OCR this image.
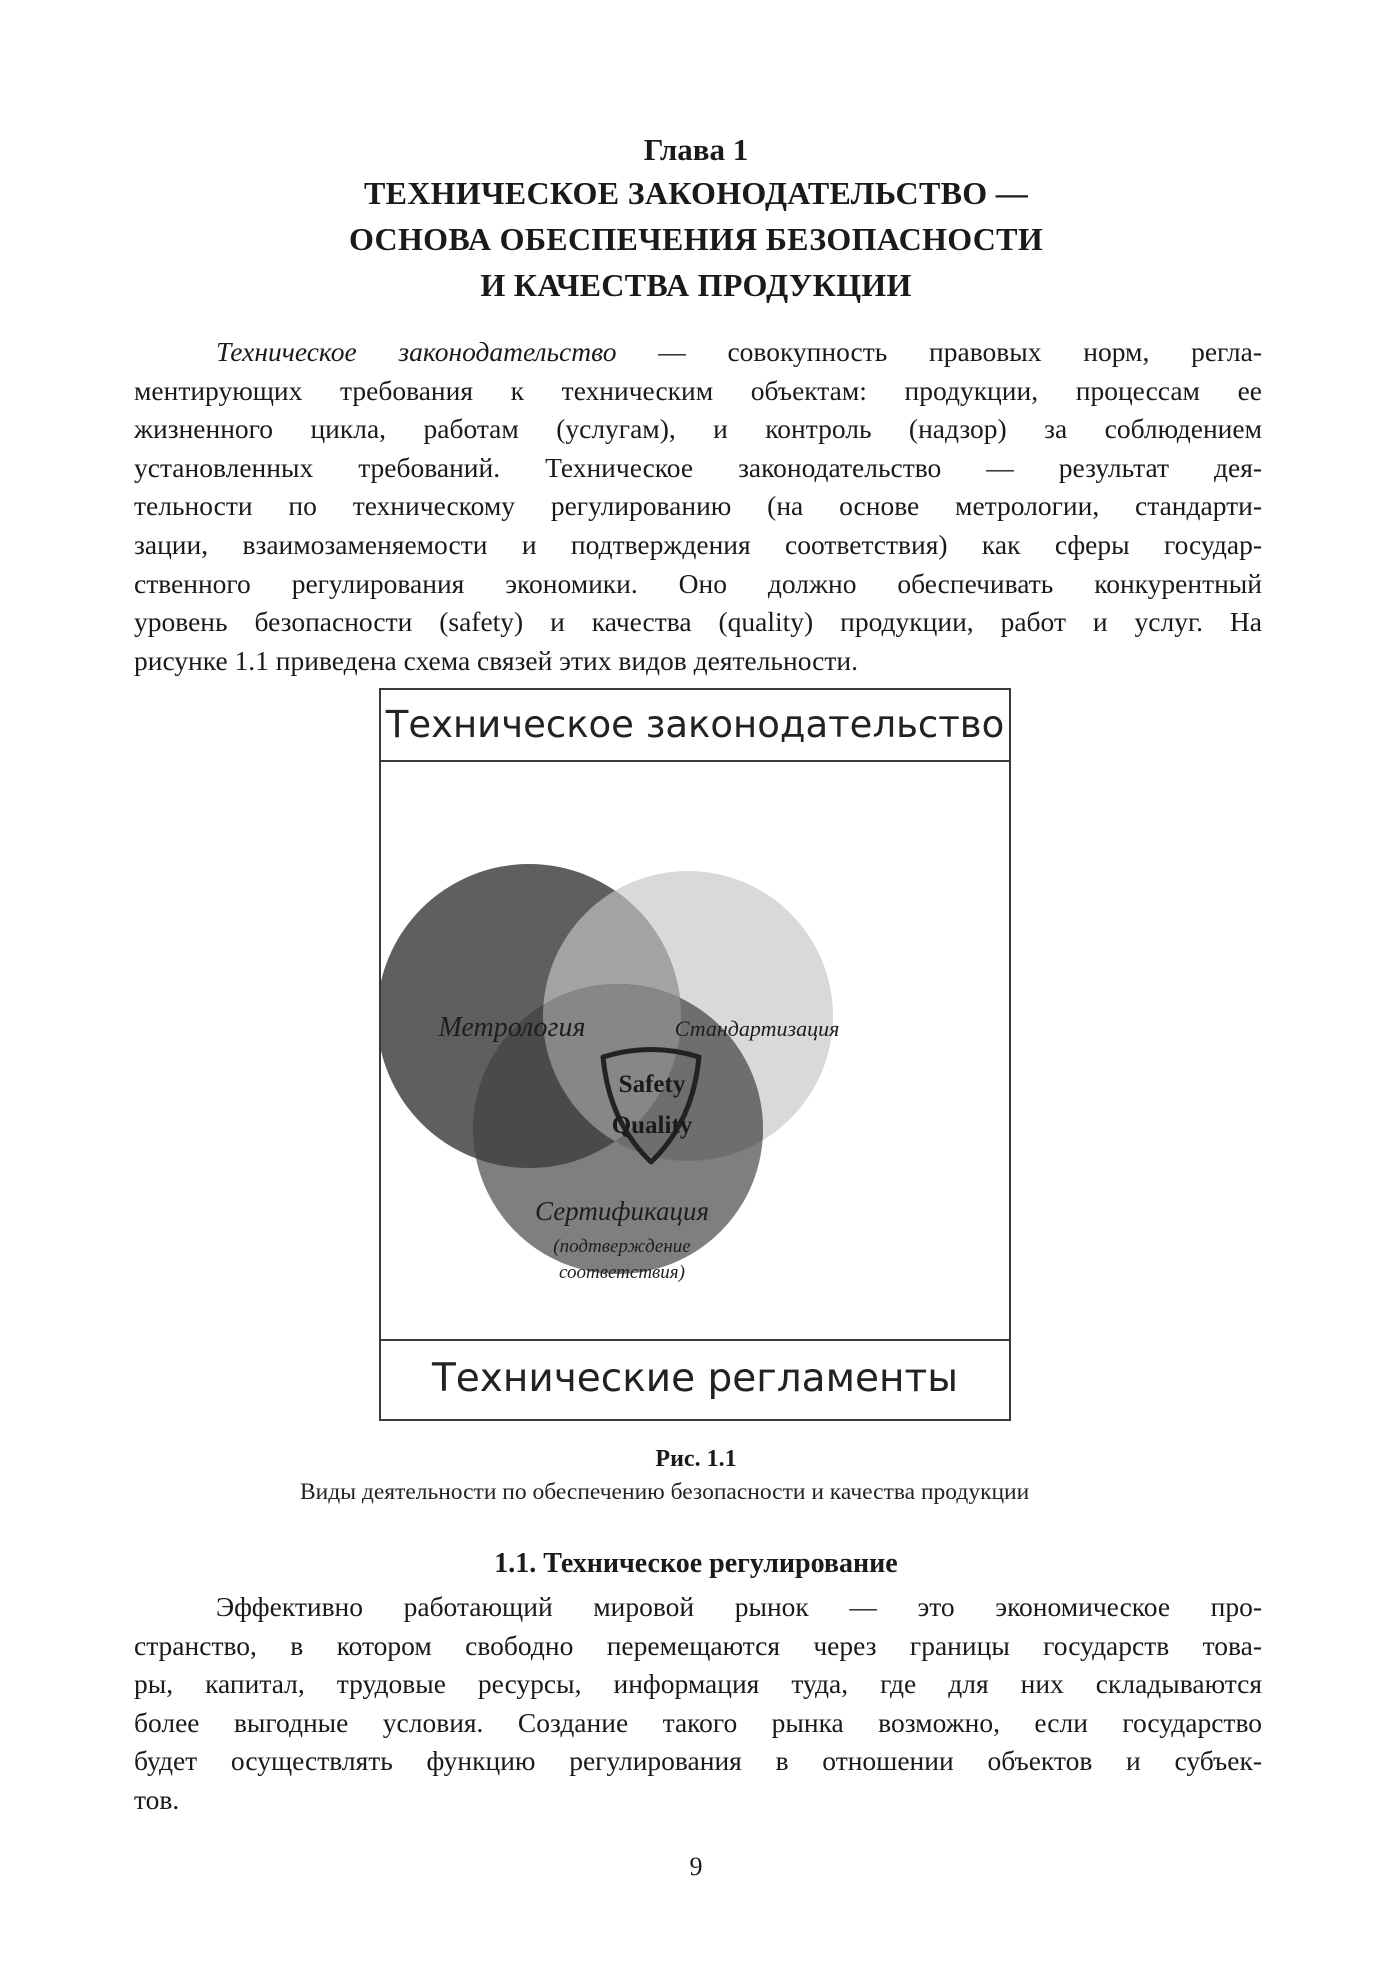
Глава 1
ТЕХНИЧЕСКОЕ ЗАКОНОДАТЕЛЬСТВО —
ОСНОВА ОБЕСПЕЧЕНИЯ БЕЗОПАСНОСТИ
И КАЧЕСТВА ПРОДУКЦИИ
Техническое законодательство — совокупность правовых норм, регла-
ментирующих требования к техническим объектам: продукции, процессам ее
жизненного цикла, работам (услугам), и контроль (надзор) за соблюдением
установленных требований. Техническое законодательство — результат дея-
тельности по техническому регулированию (на основе метрологии, стандарти-
зации, взаимозаменяемости и подтверждения соответствия) как сферы государ-
ственного регулирования экономики. Оно должно обеспечивать конкурентный
уровень безопасности (safety) и качества (quality) продукции, работ и услуг. На
рисунке 1.1 приведена схема связей этих видов деятельности.
Техническое законодательство
Safety
Quality
Метрология	Стандартизация
Сертификация
(подтверждение
соответствия)
Технические регламенты
Рис. 1.1
Виды деятельности по обеспечению безопасности и качества продукции
1.1. Техническое регулирование
Эффективно работающий мировой рынок — это экономическое про-
странство, в котором свободно перемещаются через границы государств това-
ры, капитал, трудовые ресурсы, информация туда, где для них складываются
более выгодные условия. Создание такого рынка возможно, если государство
будет осуществлять функцию регулирования в отношении объектов и субъек-
тов.
9
